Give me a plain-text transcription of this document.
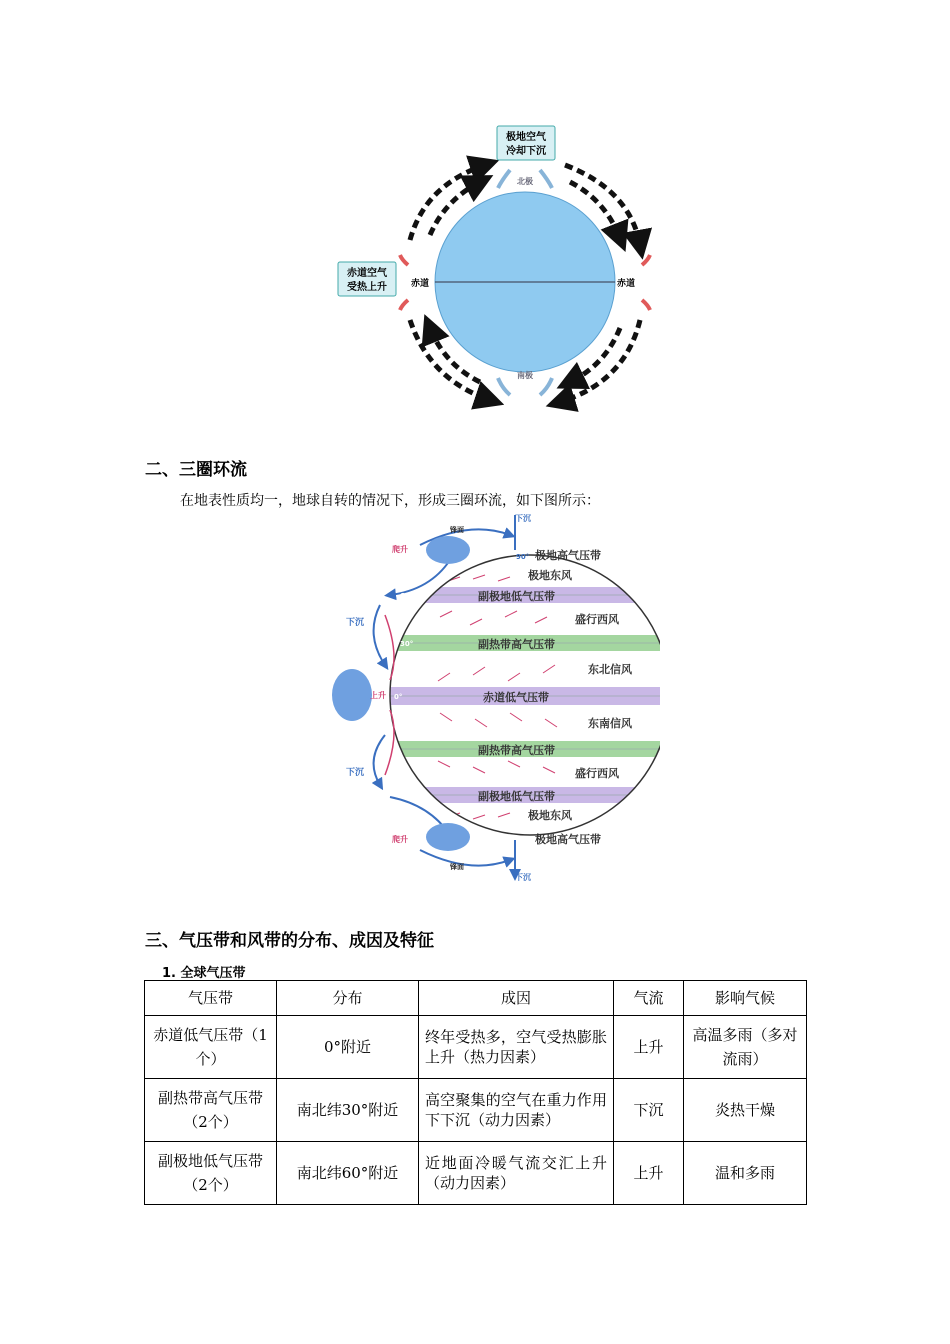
极地空气
冷却下沉
赤道空气
受热上升
北极
南极
赤道	赤道
二、三圈环流
在地表性质均一，地球自转的情况下，形成三圈环流，如下图所示：
下沉
下沉
下沉
下沉
上升
爬升
爬升
锋面
锋面
90°
60°
30°
0°
极地高气压带
极地东风
副极地低气压带
盛行西风
副热带高气压带
东北信风
赤道低气压带
东南信风
副热带高气压带
盛行西风
副极地低气压带
极地东风
极地高气压带
三、气压带和风带的分布、成因及特征
1. 全球气压带
气压带	分布	成因	气流	影响气候
赤道低气压带（1个）	0°附近	终年受热多，空气受热膨胀上升（热力因素）	上升	高温多雨（多对流雨）
副热带高气压带（2个）	南北纬30°附近	高空聚集的空气在重力作用下下沉（动力因素）	下沉	炎热干燥
副极地低气压带（2个）	南北纬60°附近	近地面冷暖气流交汇上升（动力因素）	上升	温和多雨
